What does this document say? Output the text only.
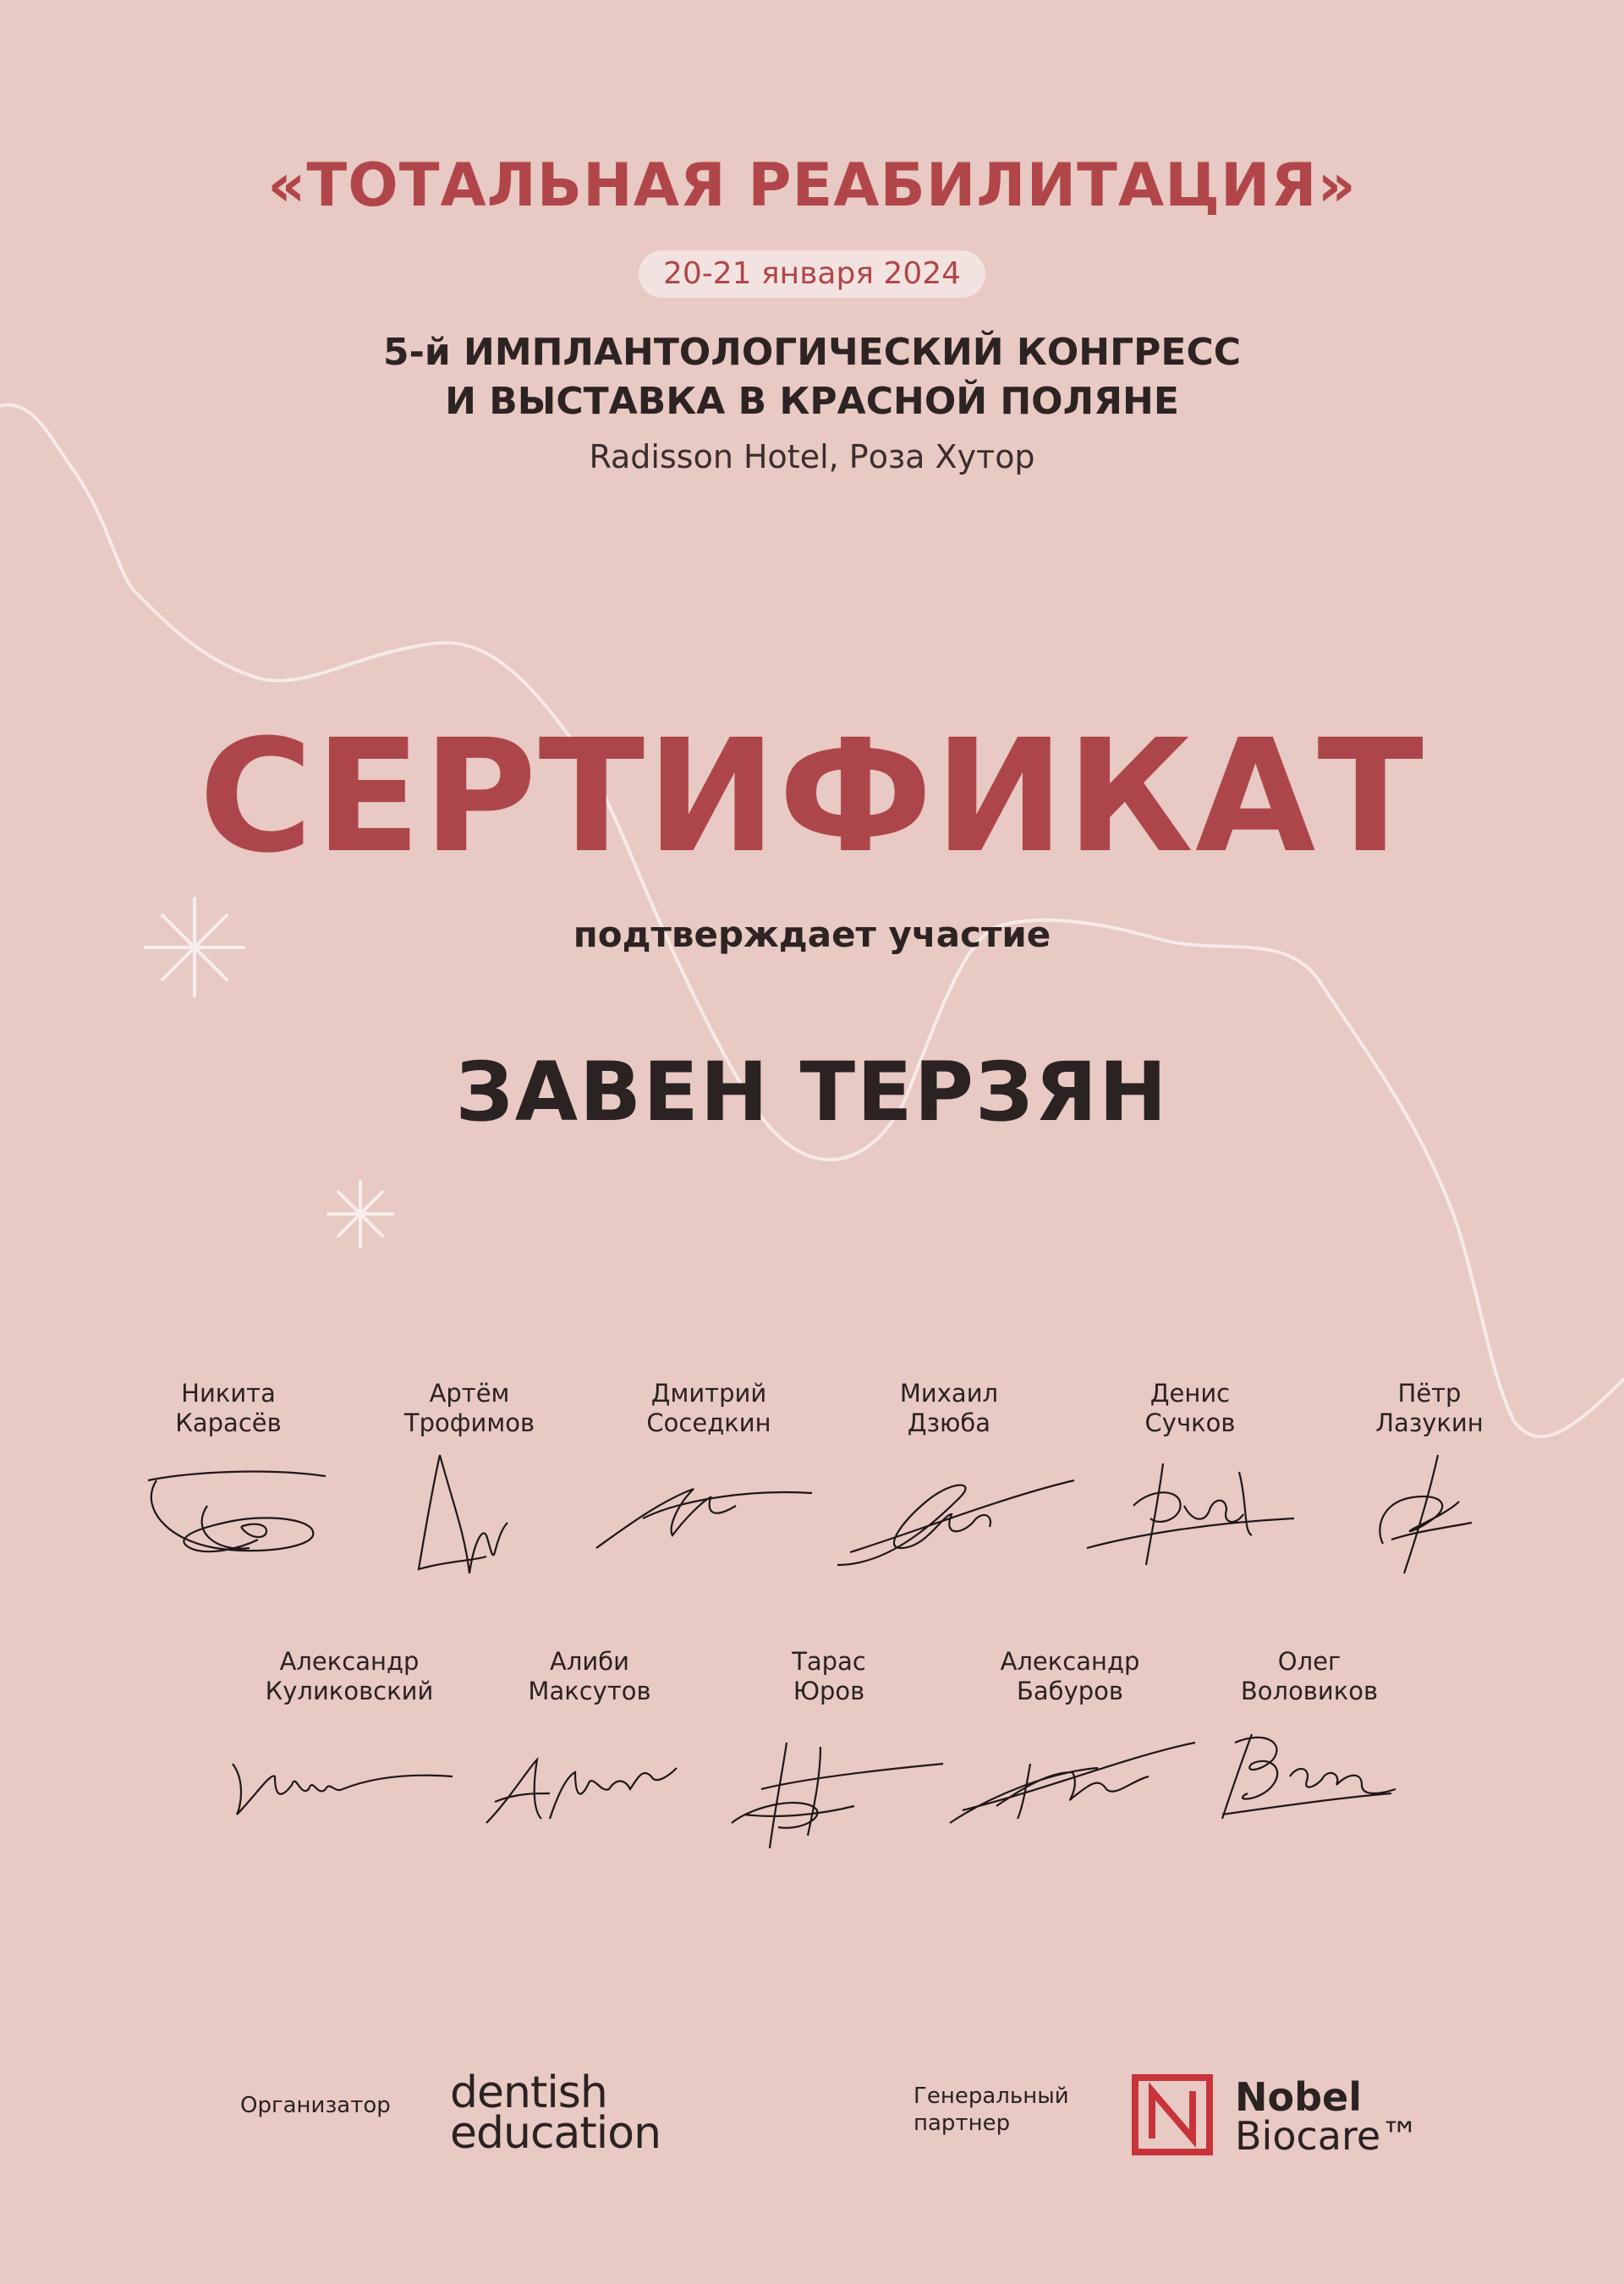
«ТОТАЛЬНАЯ РЕАБИЛИТАЦИЯ»
20-21 января 2024
5-й ИМПЛАНТОЛОГИЧЕСКИЙ КОНГРЕСС
И ВЫСТАВКА В КРАСНОЙ ПОЛЯНЕ
Radisson Hotel, Роза Хутор
СЕРТИФИКАТ
подтверждает участие
ЗАВЕН ТЕРЗЯН
Никита
Карасёв
Артём
Трофимов
Дмитрий
Соседкин
Михаил
Дзюба
Денис
Сучков
Пётр
Лазукин
Александр
Куликовский
Алиби
Максутов
Тарас
Юров
Александр
Бабуров
Олег
Воловиков
Организатор dentish
education
Генеральный
партнер
Nobel
Biocare™
